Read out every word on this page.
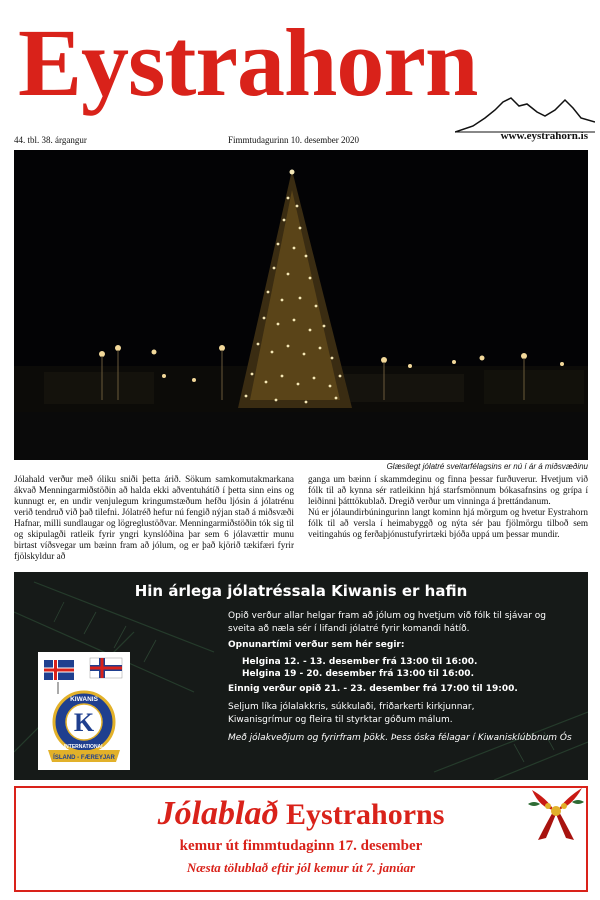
Eystrahorn
44. tbl. 38. árgangur	Fimmtudagurinn 10. desember 2020	www.eystrahorn.is
Glæsilegt jólatré sveitarfélagsins er nú í ár á miðsvæðinu

Jólahald verður með óliku sniði þetta árið. Sökum samkomutakmarkana ákvað Menningarmiðstöðin að halda ekki aðventuhátíð í þetta sinn eins og kunnugt er, en undir venjulegum kringumstæðum hefðu ljósin á jólatrénu verið tendruð við það tilefni. Jólatréð hefur nú fengið nýjan stað á miðsvæði Hafnar, milli sundlaugar og lögreglustöðvar. Menningarmiðstöðin tók sig til og skipulagði ratleik fyrir yngri kynslóðina þar sem 6 jólavættir munu birtast víðsvegar um bæinn fram að jólum, og er það kjörið tækifæri fyrir fjölskyldur að

ganga um bæinn í skammdeginu og finna þessar furðuverur. Hvetjum við fólk til að kynna sér ratleikinn hjá starfsmönnum bókasafnsins og grípa í leiðinni þátttökublað. Dregið verður um vinninga á þrettándanum.

Nú er jólaundirbúningurinn langt kominn hjá mörgum og hvetur Eystrahorn fólk til að versla í heimabyggð og nýta sér þau fjölmörgu tilboð sem veitingahús og ferðaþjónustufyrirtæki bjóða uppá um þessar mundir.

Hin árlega jólatréssala Kiwanis er hafin
Opið verður allar helgar fram að jólum og hvetjum við fólk til sjávar og
sveita að næla sér í lifandi jólatré fyrir komandi hátíð.
Opnunartími verður sem hér segir:
Helgina 12. - 13. desember frá 13:00 til 16:00.
Helgina 19 - 20. desember frá 13:00 til 16:00.
Einnig verður opið 21. - 23. desember frá 17:00 til 19:00.
Seljum líka jólalakkris, súkkulaði, friðarkerti kirkjunnar,
Kiwanisgrímur og fleira til styrktar góðum málum.
Með jólakveðjum og fyrirfram þökk. Þess óska félagar í Kiwanisklúbbnum Ós
K
KIWANIS
INTERNATIONAL
ÍSLAND - FÆREYJAR
Jólablað Eystrahorns
kemur út fimmtudaginn 17. desember
Næsta tölublað eftir jól kemur út 7. janúar
